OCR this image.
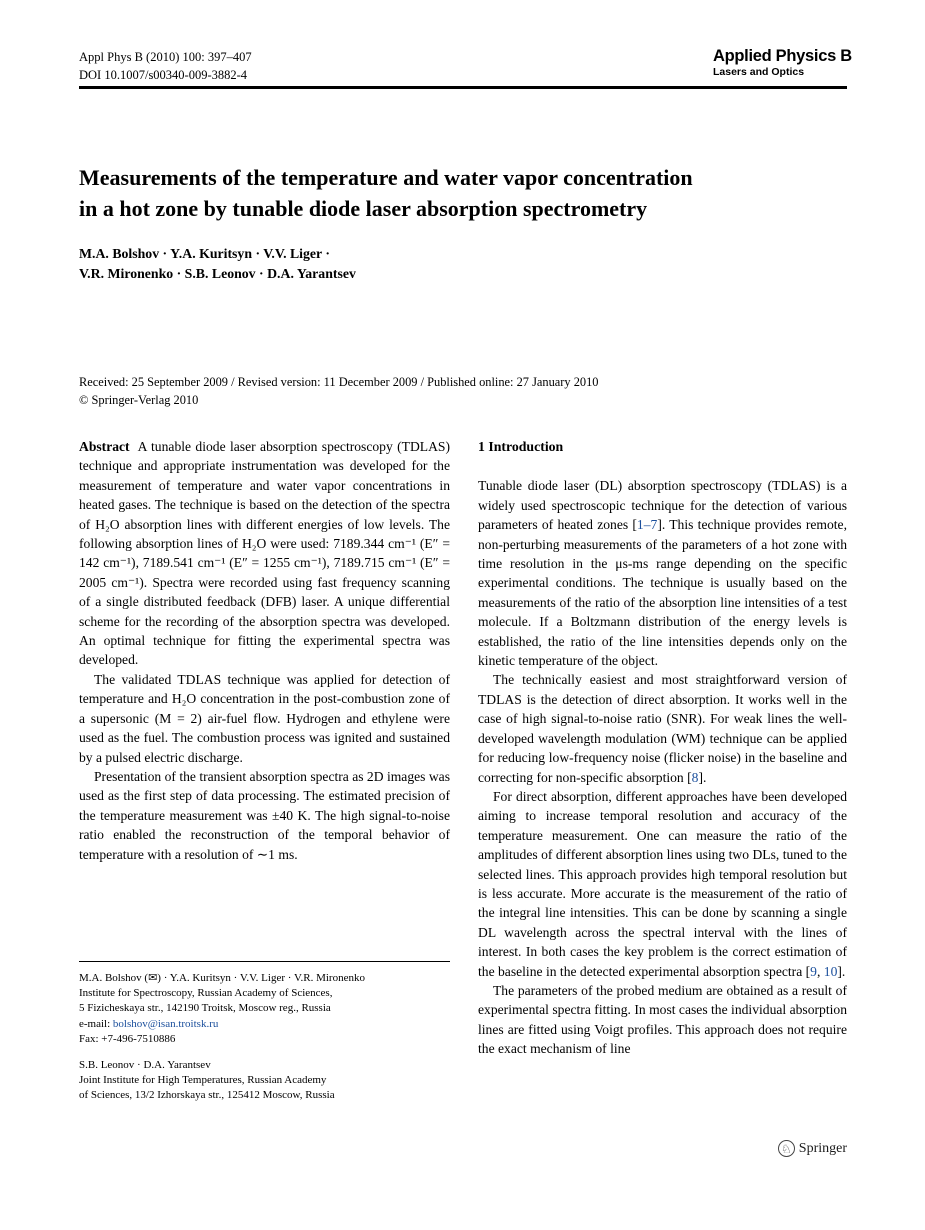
Appl Phys B (2010) 100: 397–407
DOI 10.1007/s00340-009-3882-4
Applied Physics B
Lasers and Optics
Measurements of the temperature and water vapor concentration
in a hot zone by tunable diode laser absorption spectrometry
M.A. Bolshov · Y.A. Kuritsyn · V.V. Liger ·
V.R. Mironenko · S.B. Leonov · D.A. Yarantsev
Received: 25 September 2009 / Revised version: 11 December 2009 / Published online: 27 January 2010
© Springer-Verlag 2010

Abstract A tunable diode laser absorption spectroscopy (TDLAS) technique and appropriate instrumentation was developed for the measurement of temperature and water vapor concentrations in heated gases. The technique is based on the detection of the spectra of H₂O absorption lines with different energies of low levels. The following absorption lines of H₂O were used: 7189.344 cm⁻¹ (E″ = 142 cm⁻¹), 7189.541 cm⁻¹ (E″ = 1255 cm⁻¹), 7189.715 cm⁻¹ (E″ = 2005 cm⁻¹). Spectra were recorded using fast frequency scanning of a single distributed feedback (DFB) laser. A unique differential scheme for the recording of the absorption spectra was developed. An optimal technique for fitting the experimental spectra was developed.

The validated TDLAS technique was applied for detection of temperature and H₂O concentration in the post-combustion zone of a supersonic (M = 2) air-fuel flow. Hydrogen and ethylene were used as the fuel. The combustion process was ignited and sustained by a pulsed electric discharge.

Presentation of the transient absorption spectra as 2D images was used as the first step of data processing. The estimated precision of the temperature measurement was ±40 K. The high signal-to-noise ratio enabled the reconstruction of the temporal behavior of temperature with a resolution of ∼1 ms.

M.A. Bolshov (✉) · Y.A. Kuritsyn · V.V. Liger · V.R. Mironenko
Institute for Spectroscopy, Russian Academy of Sciences,
5 Fizicheskaya str., 142190 Troitsk, Moscow reg., Russia
e-mail: bolshov@isan.troitsk.ru
Fax: +7-496-7510886
S.B. Leonov · D.A. Yarantsev
Joint Institute for High Temperatures, Russian Academy
of Sciences, 13/2 Izhorskaya str., 125412 Moscow, Russia
1 Introduction

Tunable diode laser (DL) absorption spectroscopy (TDLAS) is a widely used spectroscopic technique for the detection of various parameters of heated zones [1–7]. This technique provides remote, non-perturbing measurements of the parameters of a hot zone with time resolution in the μs-ms range depending on the specific experimental conditions. The technique is usually based on the measurements of the ratio of the absorption line intensities of a test molecule. If a Boltzmann distribution of the energy levels is established, the ratio of the line intensities depends only on the kinetic temperature of the object.

The technically easiest and most straightforward version of TDLAS is the detection of direct absorption. It works well in the case of high signal-to-noise ratio (SNR). For weak lines the well-developed wavelength modulation (WM) technique can be applied for reducing low-frequency noise (flicker noise) in the baseline and correcting for non-specific absorption [8].

For direct absorption, different approaches have been developed aiming to increase temporal resolution and accuracy of the temperature measurement. One can measure the ratio of the amplitudes of different absorption lines using two DLs, tuned to the selected lines. This approach provides high temporal resolution but is less accurate. More accurate is the measurement of the ratio of the integral line intensities. This can be done by scanning a single DL wavelength across the spectral interval with the lines of interest. In both cases the key problem is the correct estimation of the baseline in the detected experimental absorption spectra [9, 10].

The parameters of the probed medium are obtained as a result of experimental spectra fitting. In most cases the individual absorption lines are fitted using Voigt profiles. This approach does not require the exact mechanism of line

♘ Springer
